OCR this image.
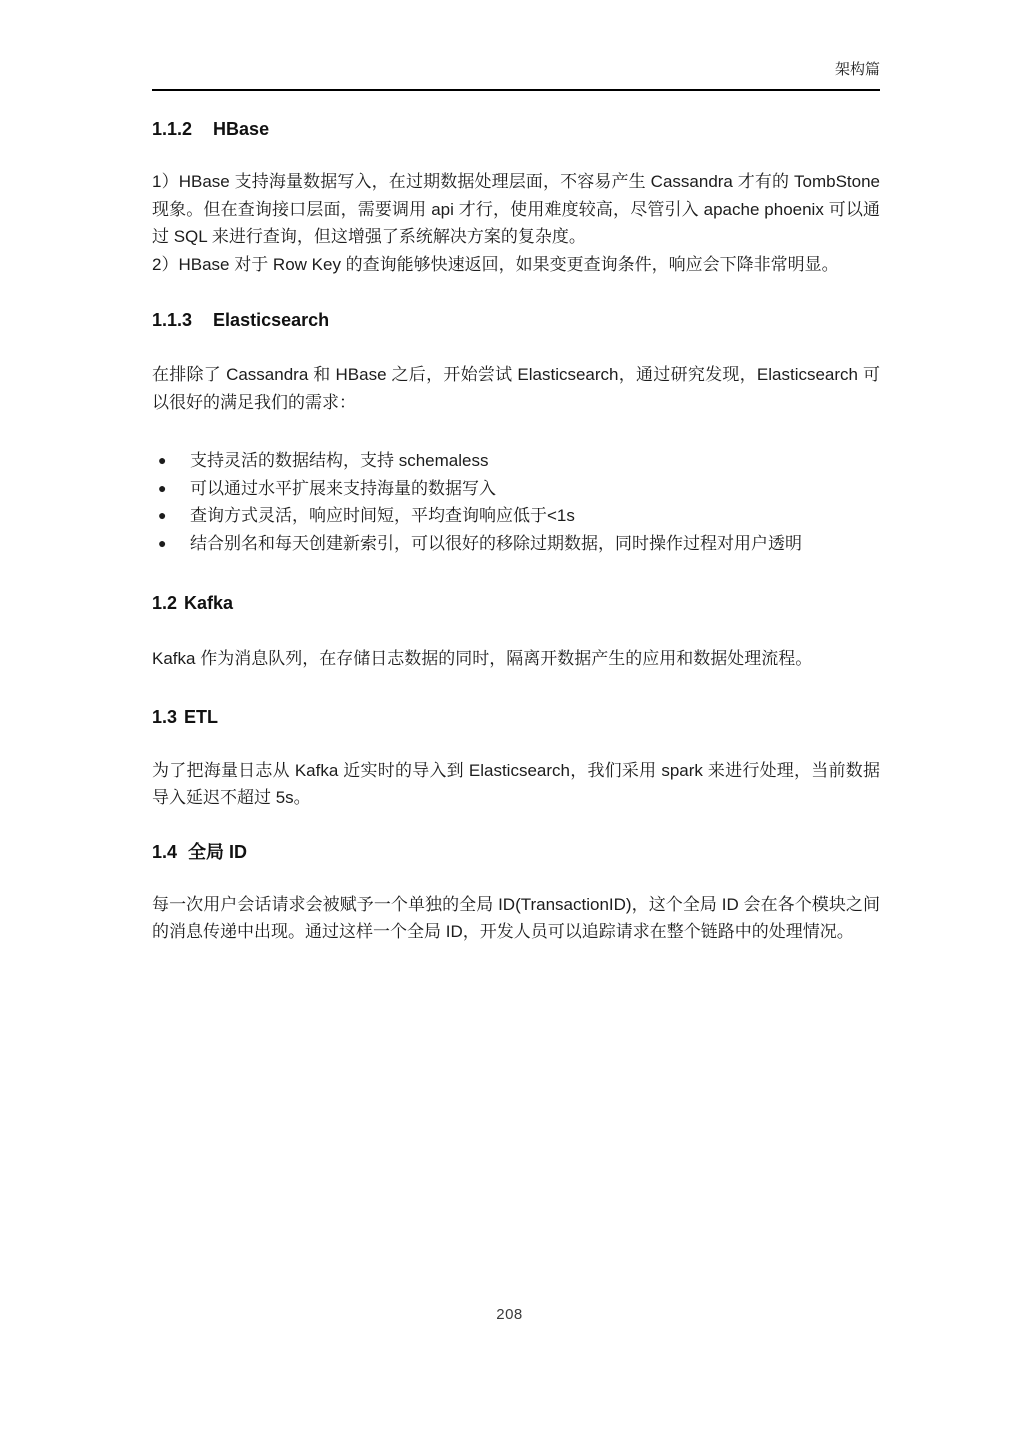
架构篇
1.1.2 HBase

1）HBase 支持海量数据写入，在过期数据处理层面，不容易产生 Cassandra 才有的 TombStone 现象。但在查询接口层面，需要调用 api 才行，使用难度较高，尽管引入 apache phoenix 可以通过 SQL 来进行查询，但这增强了系统解决方案的复杂度。

2）HBase 对于 Row Key 的查询能够快速返回，如果变更查询条件，响应会下降非常明显。

1.1.3 Elasticsearch

在排除了 Cassandra 和 HBase 之后，开始尝试 Elasticsearch，通过研究发现，Elasticsearch 可以很好的满足我们的需求：

● 支持灵活的数据结构，支持 schemaless
● 可以通过水平扩展来支持海量的数据写入
● 查询方式灵活，响应时间短，平均查询响应低于<1s
● 结合别名和每天创建新索引，可以很好的移除过期数据，同时操作过程对用户透明
1.2 Kafka

Kafka 作为消息队列，在存储日志数据的同时，隔离开数据产生的应用和数据处理流程。

1.3 ETL

为了把海量日志从 Kafka 近实时的导入到 Elasticsearch，我们采用 spark 来进行处理，当前数据导入延迟不超过 5s。

1.4 全局 ID

每一次用户会话请求会被赋予一个单独的全局 ID(TransactionID)，这个全局 ID 会在各个模块之间的消息传递中出现。通过这样一个全局 ID，开发人员可以追踪请求在整个链路中的处理情况。

208
